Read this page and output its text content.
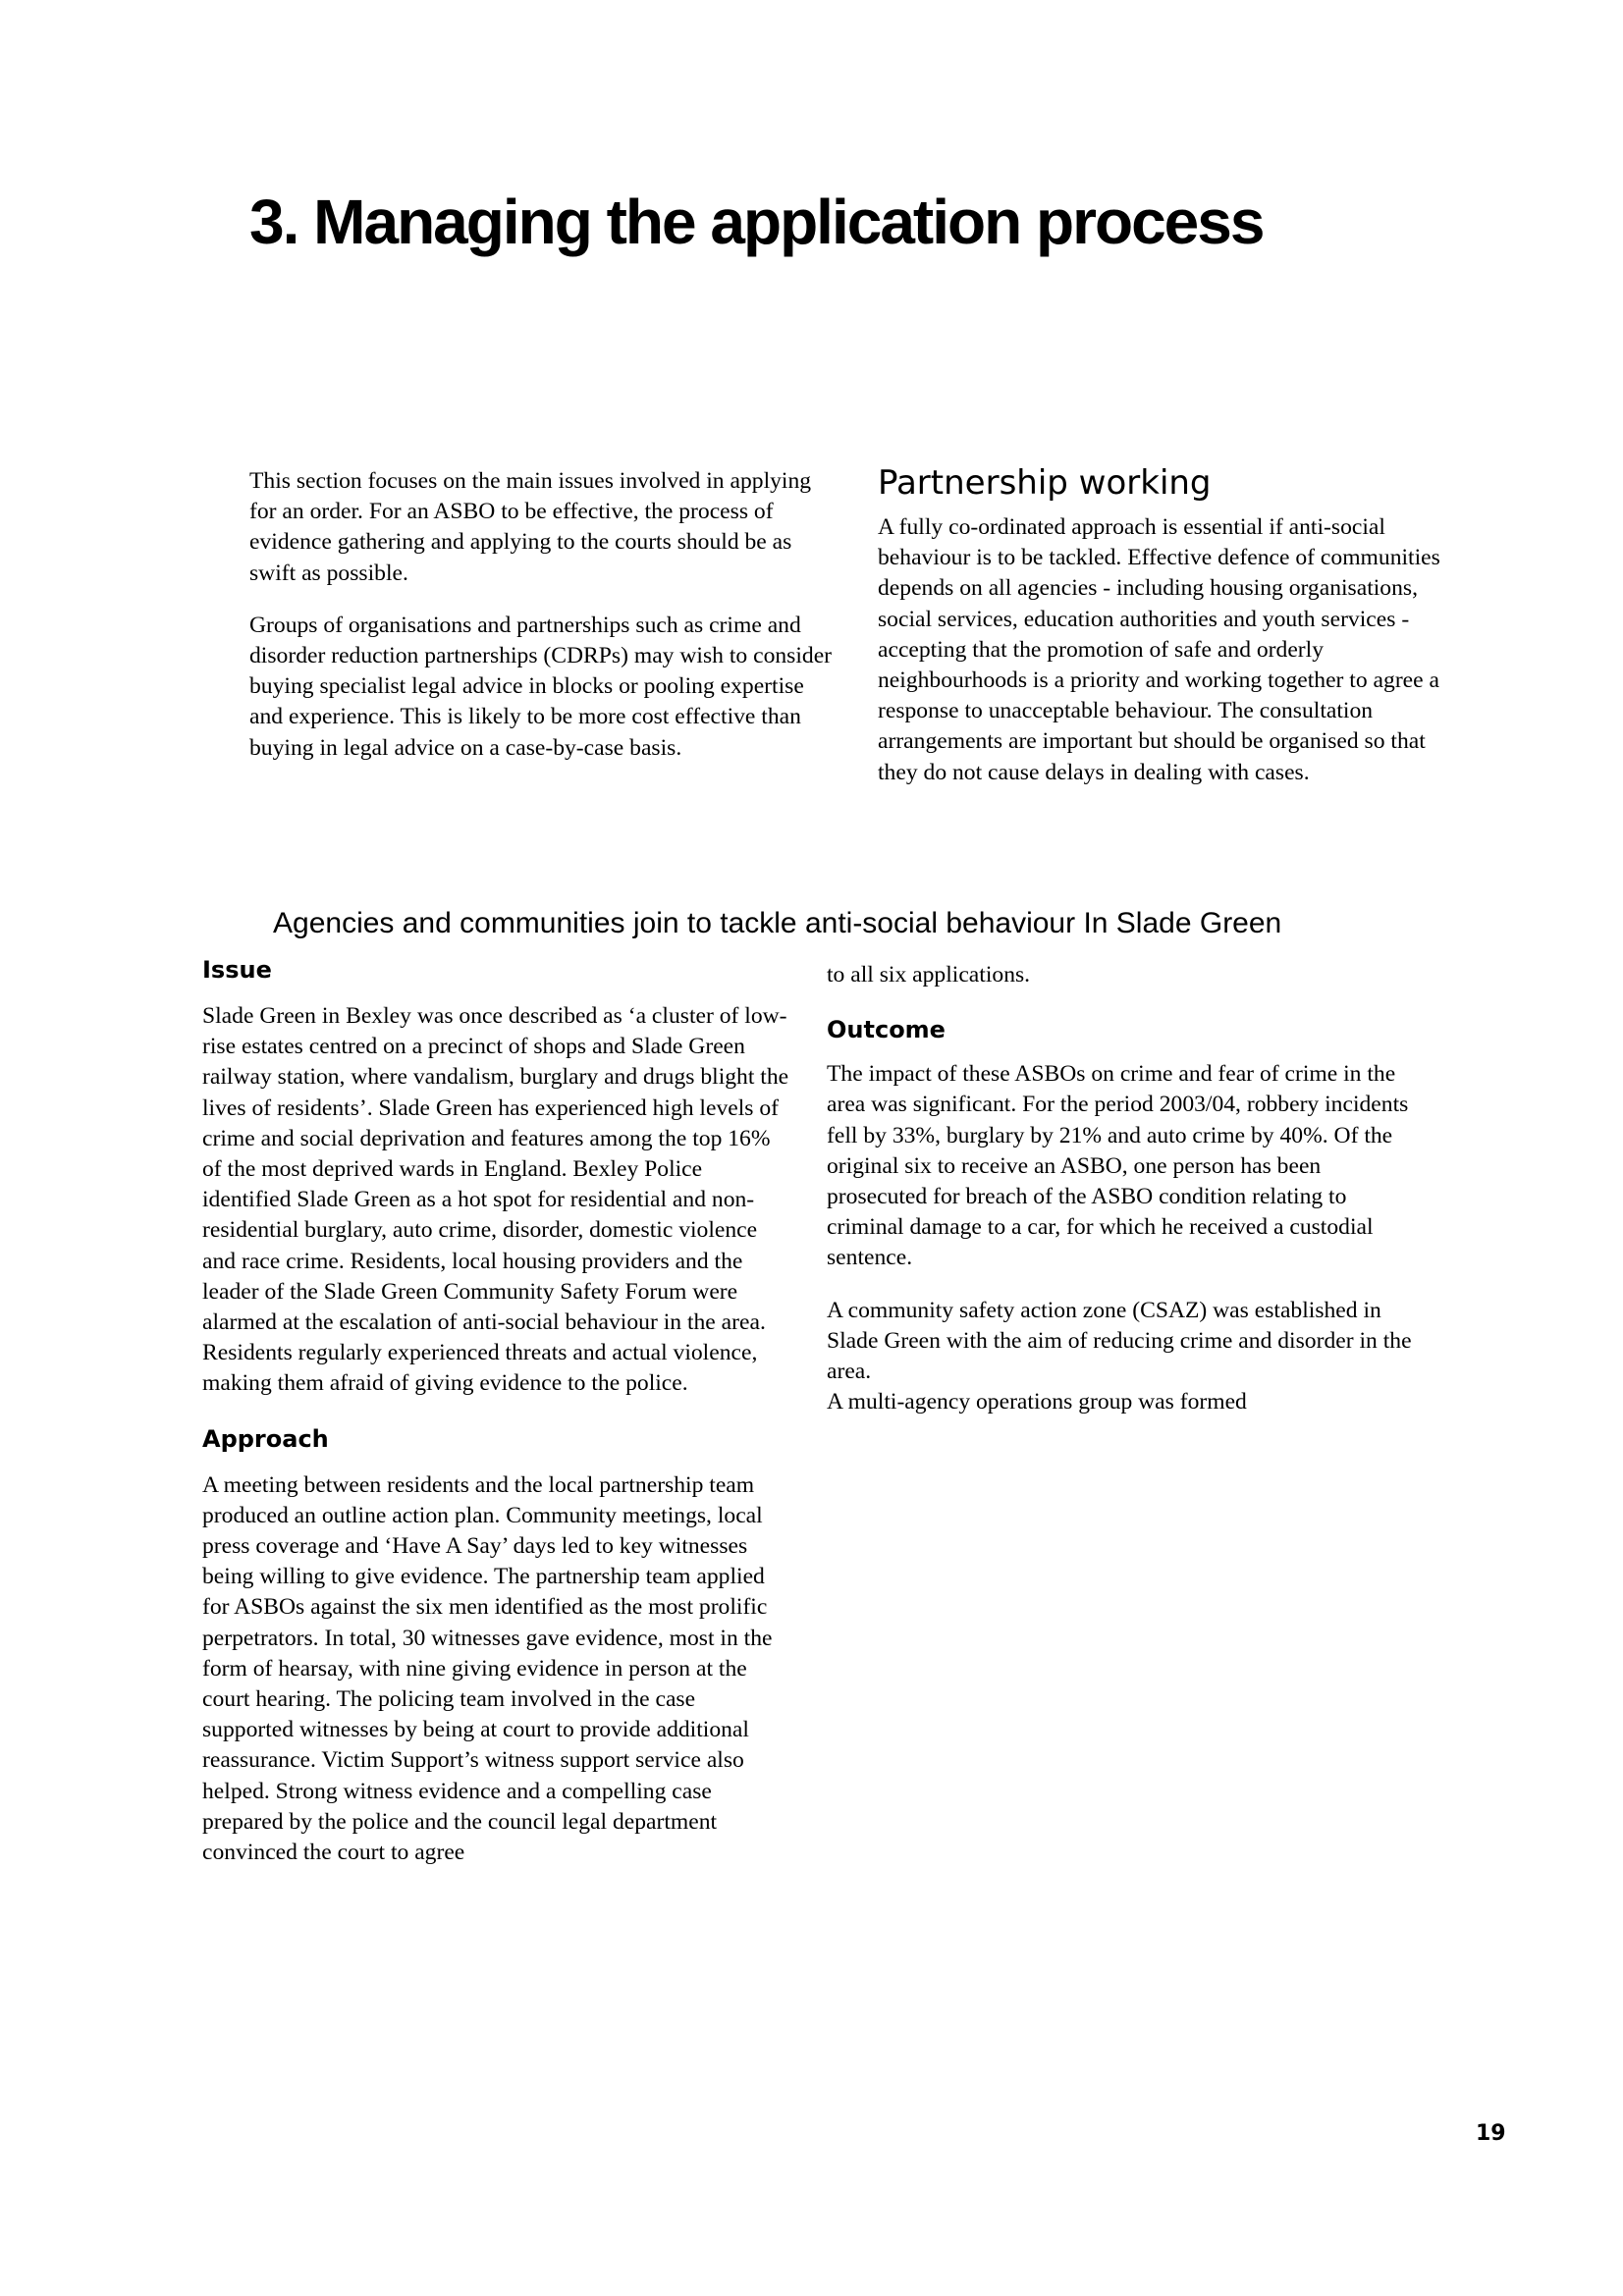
3. Managing the application process

This section focuses on the main issues involved in applying for an order. For an ASBO to be effective, the process of evidence gathering and applying to the courts should be as swift as possible.

Groups of organisations and partnerships such as crime and disorder reduction partnerships (CDRPs) may wish to consider buying specialist legal advice in blocks or pooling expertise and experience. This is likely to be more cost effective than buying in legal advice on a case-by-case basis.

Partnership working

A fully co-ordinated approach is essential if anti-social behaviour is to be tackled. Effective defence of communities depends on all agencies - including housing organisations, social services, education authorities and youth services - accepting that the promotion of safe and orderly neighbourhoods is a priority and working together to agree a response to unacceptable behaviour. The consultation arrangements are important but should be organised so that they do not cause delays in dealing with cases.

Agencies and communities join to tackle anti-social behaviour In Slade Green
Issue

Slade Green in Bexley was once described as ‘a cluster of low-rise estates centred on a precinct of shops and Slade Green railway station, where vandalism, burglary and drugs blight the lives of residents’. Slade Green has experienced high levels of crime and social deprivation and features among the top 16% of the most deprived wards in England. Bexley Police identified Slade Green as a hot spot for residential and non-residential burglary, auto crime, disorder, domestic violence and race crime. Residents, local housing providers and the leader of the Slade Green Community Safety Forum were alarmed at the escalation of anti-social behaviour in the area. Residents regularly experienced threats and actual violence, making them afraid of giving evidence to the police.

Approach

A meeting between residents and the local partnership team produced an outline action plan. Community meetings, local press coverage and ‘Have A Say’ days led to key witnesses being willing to give evidence. The partnership team applied for ASBOs against the six men identified as the most prolific perpetrators. In total, 30 witnesses gave evidence, most in the form of hearsay, with nine giving evidence in person at the court hearing. The policing team involved in the case supported witnesses by being at court to provide additional reassurance. Victim Support’s witness support service also helped. Strong witness evidence and a compelling case prepared by the police and the council legal department convinced the court to agree

to all six applications.

Outcome

The impact of these ASBOs on crime and fear of crime in the area was significant. For the period 2003/04, robbery incidents fell by 33%, burglary by 21% and auto crime by 40%. Of the original six to receive an ASBO, one person has been prosecuted for breach of the ASBO condition relating to criminal damage to a car, for which he received a custodial sentence.

A community safety action zone (CSAZ) was established in Slade Green with the aim of reducing crime and disorder in the area.

A multi-agency operations group was formed

19
